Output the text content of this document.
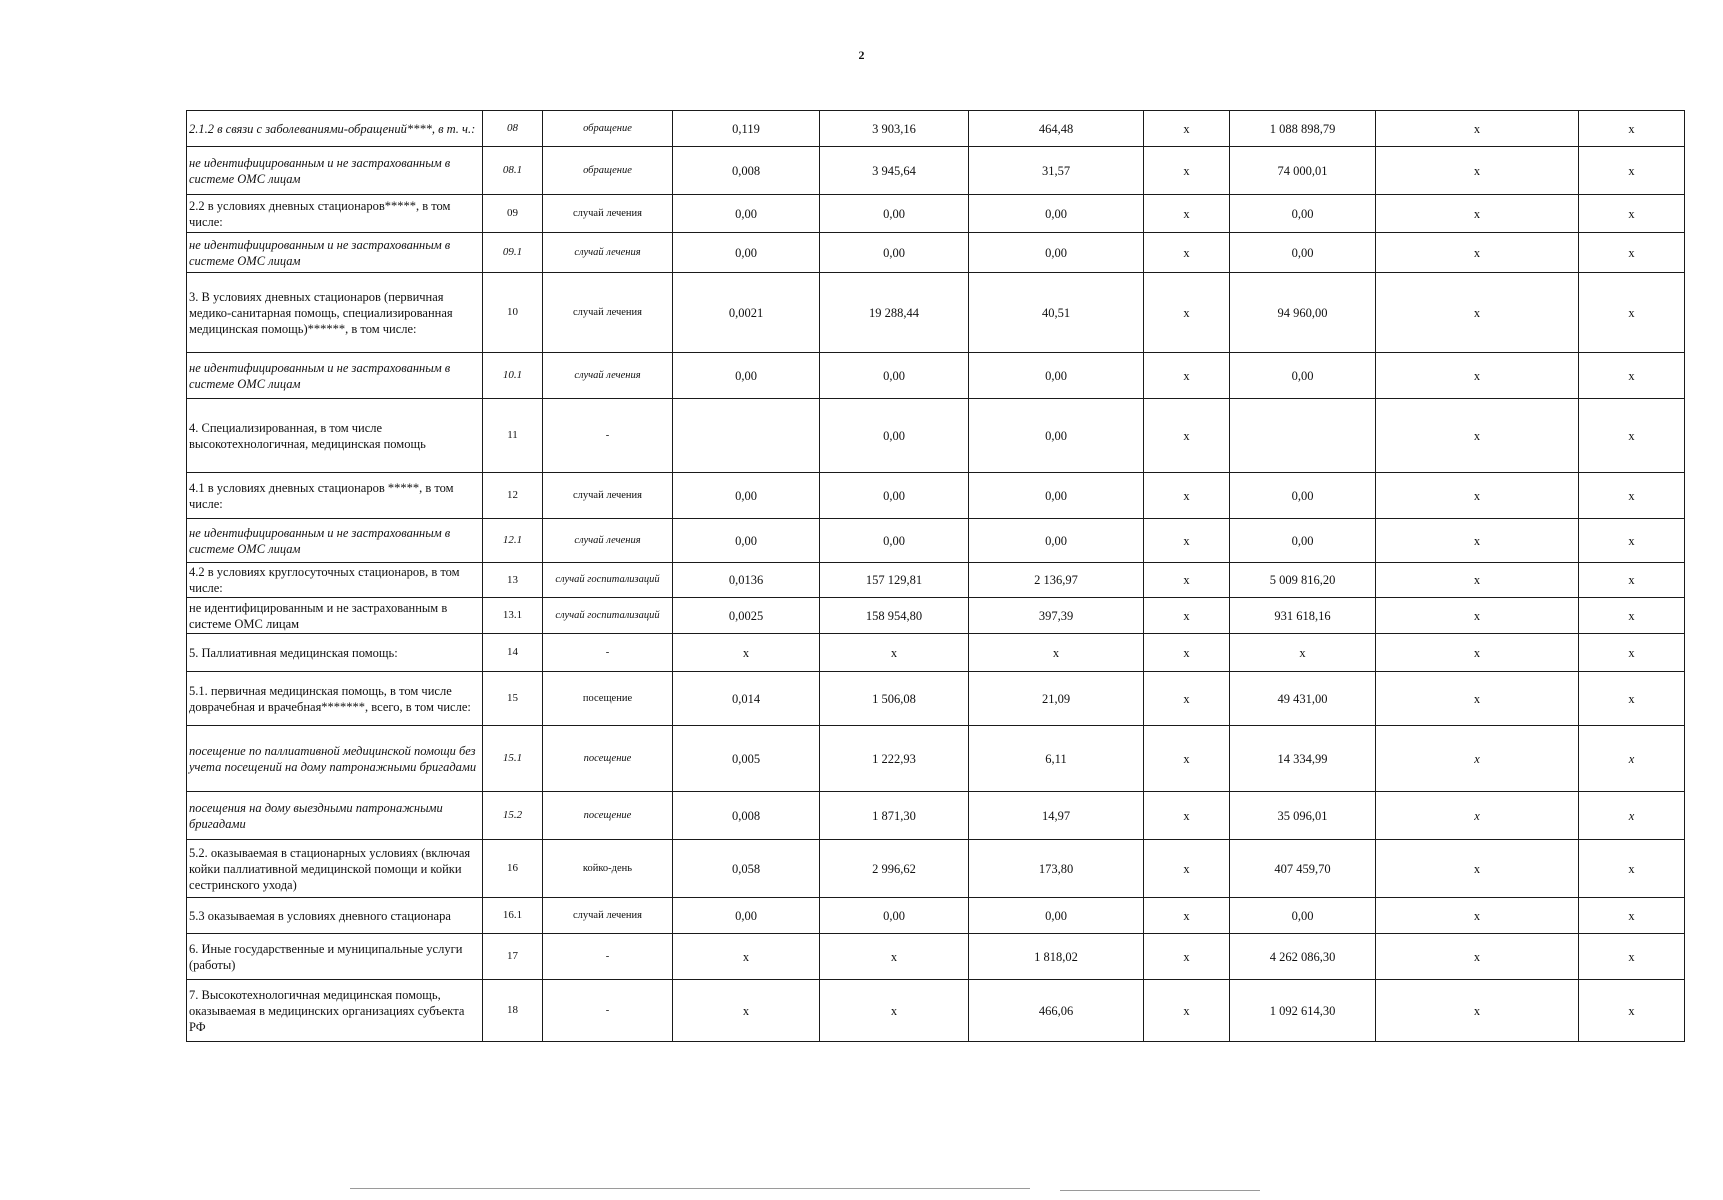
2
2.1.2 в связи с заболеваниями-обращений****, в т. ч.:	08	обращение	0,119	3 903,16	464,48	x	1 088 898,79	x	x
не идентифицированным и не застрахованным в системе ОМС лицам	08.1	обращение	0,008	3 945,64	31,57	x	74 000,01	x	x
2.2 в условиях дневных стационаров*****, в том числе:	09	случай лечения	0,00	0,00	0,00	x	0,00	x	x
не идентифицированным и не застрахованным в системе ОМС лицам	09.1	случай лечения	0,00	0,00	0,00	x	0,00	x	x
3. В условиях дневных стационаров (первичная медико-санитарная помощь, специализированная медицинская помощь)******, в том числе:	10	случай лечения	0,0021	19 288,44	40,51	x	94 960,00	x	x
не идентифицированным и не застрахованным в системе ОМС лицам	10.1	случай лечения	0,00	0,00	0,00	x	0,00	x	x
4. Специализированная, в том числе высокотехнологичная, медицинская помощь	11	-		0,00	0,00	x		x	x
4.1 в условиях дневных стационаров *****, в том числе:	12	случай лечения	0,00	0,00	0,00	x	0,00	x	x
не идентифицированным и не застрахованным в системе ОМС лицам	12.1	случай лечения	0,00	0,00	0,00	x	0,00	x	x
4.2 в условиях круглосуточных стационаров, в том числе:	13	случай госпитализаций	0,0136	157 129,81	2 136,97	x	5 009 816,20	x	x
не идентифицированным и не застрахованным в системе ОМС лицам	13.1	случай госпитализаций	0,0025	158 954,80	397,39	x	931 618,16	x	x
5. Паллиативная медицинская помощь:	14	-	x	x	x	x	x	x	x
5.1. первичная медицинская помощь, в том числе доврачебная и врачебная*******, всего, в том числе:	15	посещение	0,014	1 506,08	21,09	x	49 431,00	x	x
посещение по паллиативной медицинской помощи без учета посещений на дому патронажными бригадами	15.1	посещение	0,005	1 222,93	6,11	x	14 334,99	x	x
посещения на дому выездными патронажными бригадами	15.2	посещение	0,008	1 871,30	14,97	x	35 096,01	x	x
5.2. оказываемая в стационарных условиях (включая койки паллиативной медицинской помощи и койки сестринского ухода)	16	койко-день	0,058	2 996,62	173,80	x	407 459,70	x	x
5.3 оказываемая в условиях дневного стационара	16.1	случай лечения	0,00	0,00	0,00	x	0,00	x	x
6. Иные государственные и муниципальные услуги (работы)	17	-	x	x	1 818,02	x	4 262 086,30	x	x
7. Высокотехнологичная медицинская помощь, оказываемая в медицинских организациях субъекта РФ	18	-	x	x	466,06	x	1 092 614,30	x	x
